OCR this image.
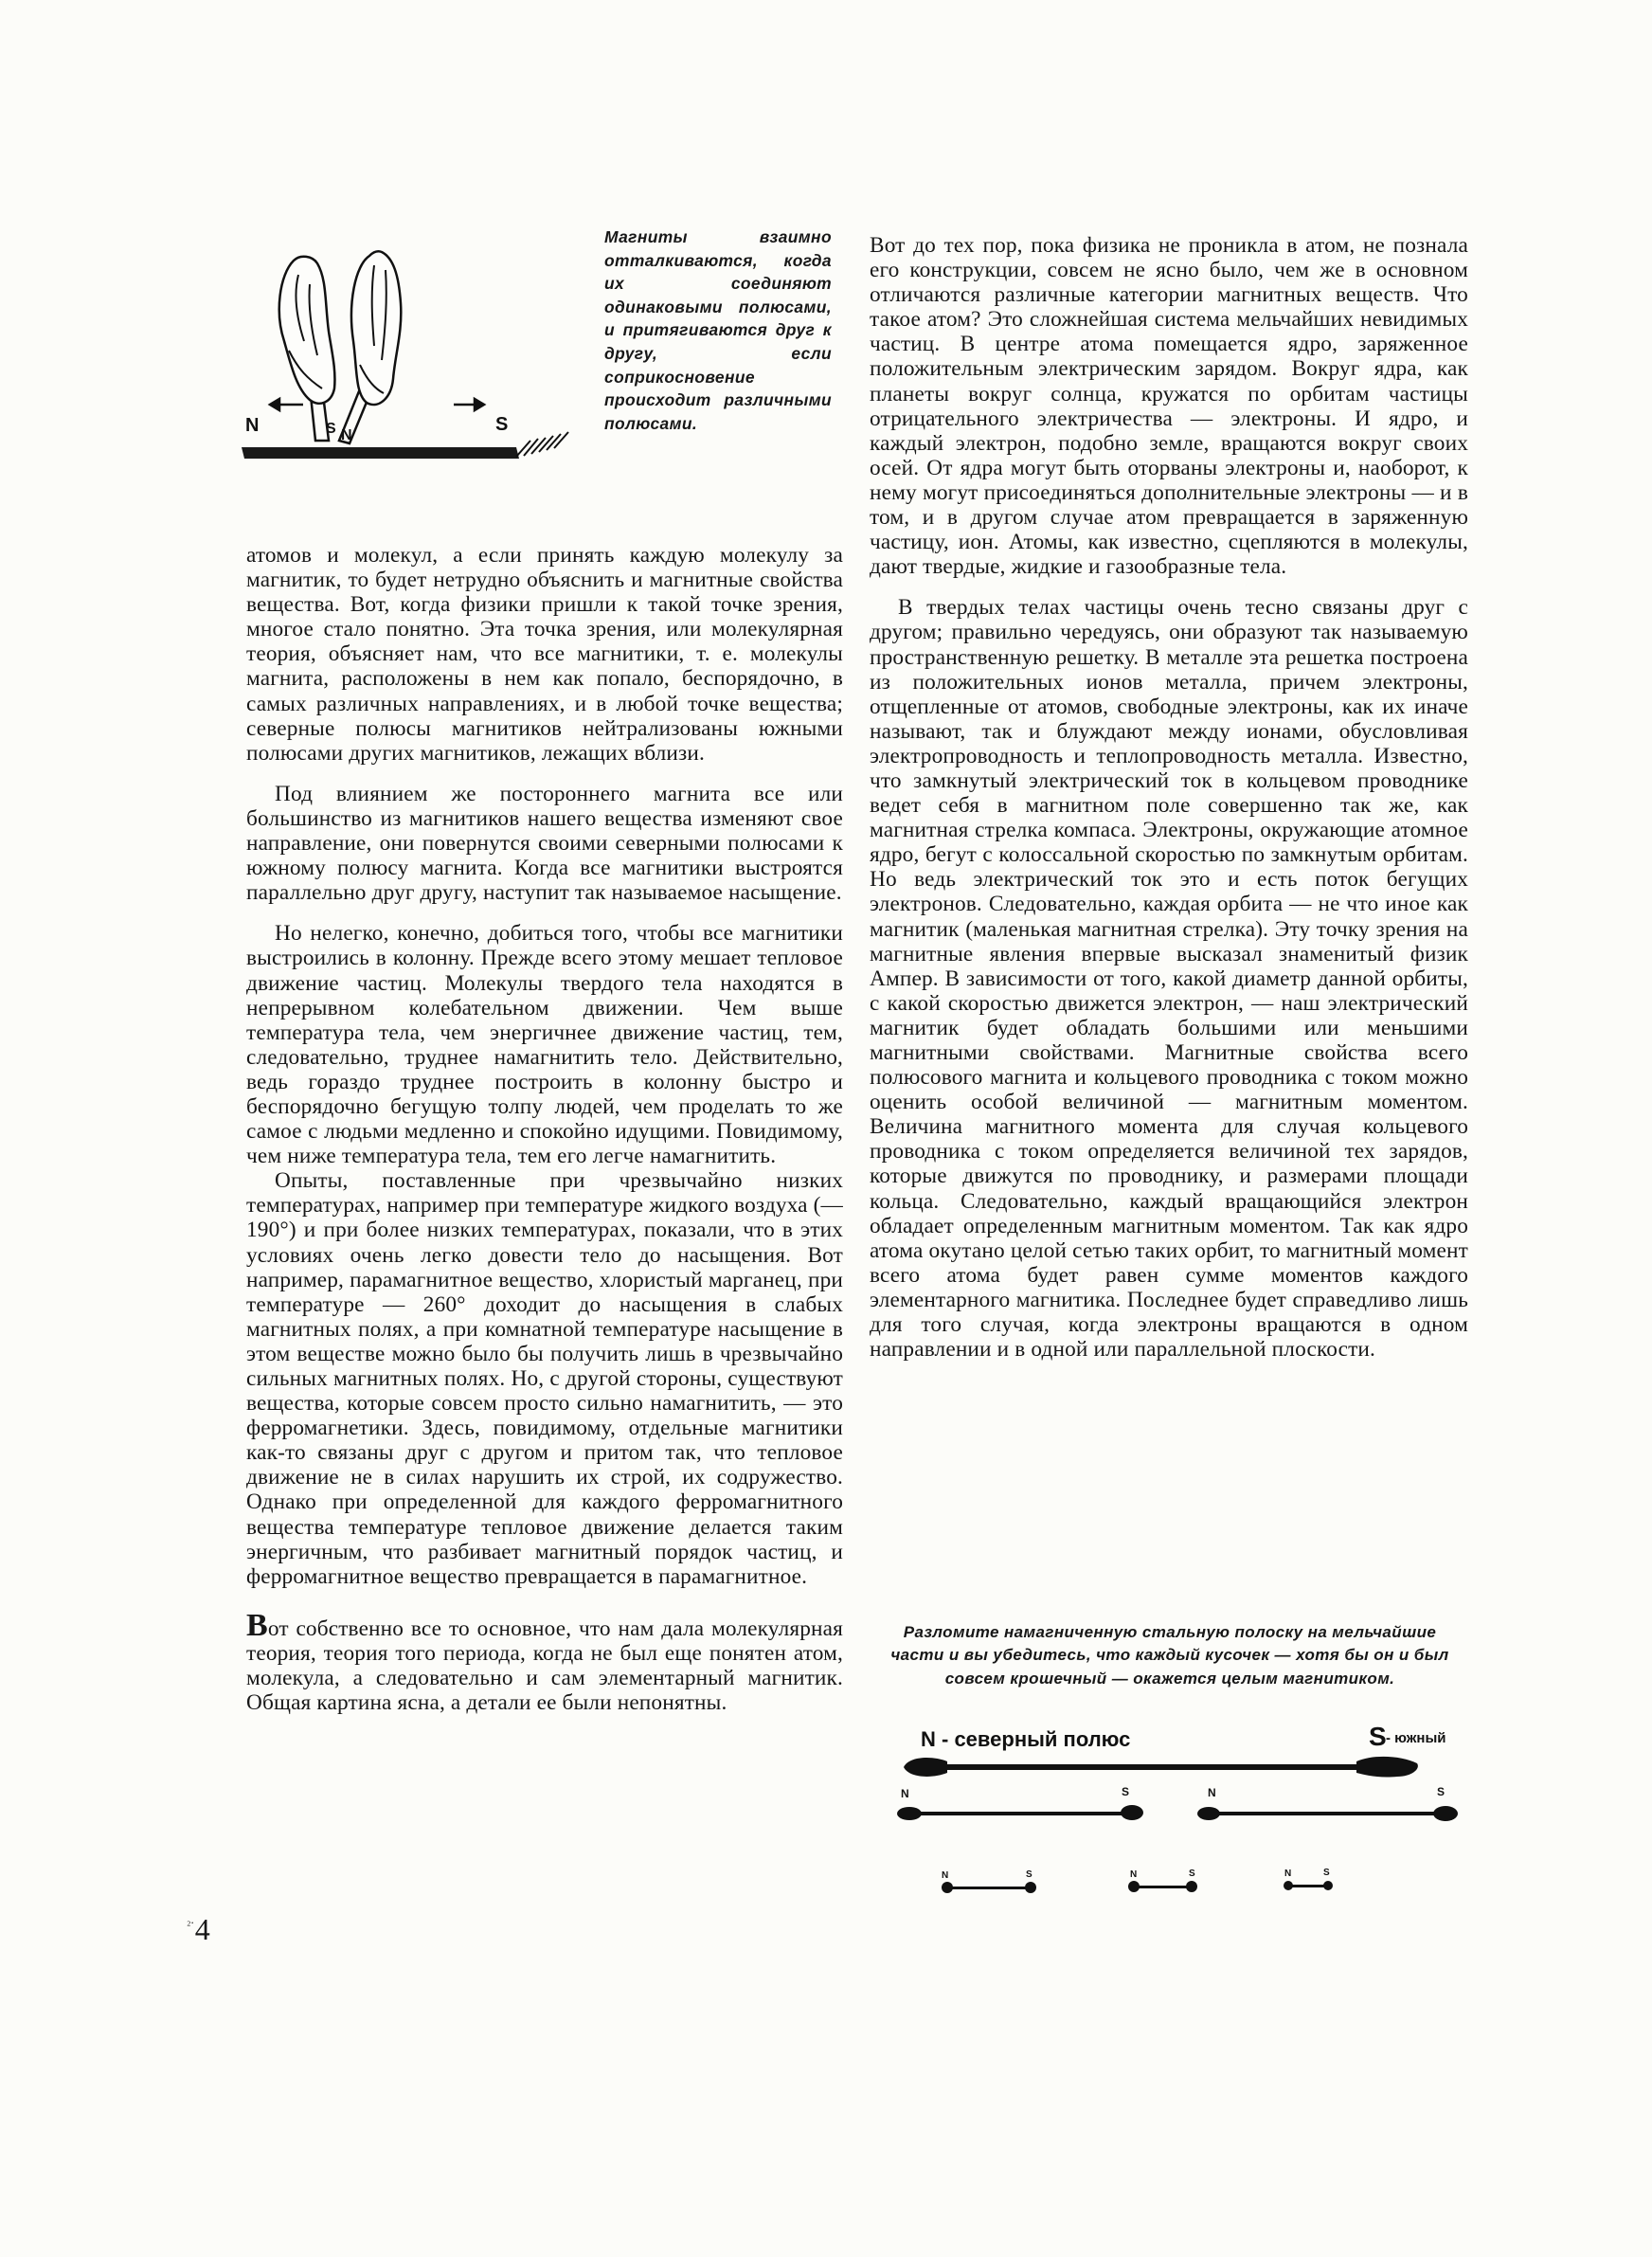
N	S
S N
Магниты взаимно отталкиваются, когда их соединяют одинаковыми полюсами, и притягиваются друг к другу, если соприкосновение происходит различными полюсами.

атомов и молекул, а если принять каждую молекулу за магнитик, то будет нетрудно объяснить и магнитные свойства вещества. Вот, когда физики пришли к такой точке зрения, многое стало понятно. Эта точка зрения, или молекулярная теория, объясняет нам, что все магнитики, т. е. молекулы магнита, расположены в нем как попало, беспорядочно, в самых различных направлениях, и в любой точке вещества; северные полюсы магнитиков нейтрализованы южными полюсами других магнитиков, лежащих вблизи.

Под влиянием же постороннего магнита все или большинство из магнитиков нашего вещества изменяют свое направление, они повернутся своими северными полюсами к южному полюсу магнита. Когда все магнитики выстроятся параллельно друг другу, наступит так называемое насыщение.

Но нелегко, конечно, добиться того, чтобы все магнитики выстроились в колонну. Прежде всего этому мешает тепловое движение частиц. Молекулы твердого тела находятся в непрерывном колебательном движении. Чем выше температура тела, чем энергичнее движение частиц, тем, следовательно, труднее намагнитить тело. Действительно, ведь гораздо труднее построить в колонну быстро и беспорядочно бегущую толпу людей, чем проделать то же самое с людьми медленно и спокойно идущими. Повидимому, чем ниже температура тела, тем его легче намагнитить.

Опыты, поставленные при чрезвычайно низких температурах, например при температуре жидкого воздуха (— 190°) и при более низких температурах, показали, что в этих условиях очень легко довести тело до насыщения. Вот например, парамагнитное вещество, хлористый марганец, при температуре — 260° доходит до насыщения в слабых магнитных полях, а при комнатной температуре насыщение в этом веществе можно было бы получить лишь в чрезвычайно сильных магнитных полях. Но, с другой стороны, существуют вещества, которые совсем просто сильно намагнитить, — это ферромагнетики. Здесь, повидимому, отдельные магнитики как-то связаны друг с другом и притом так, что тепловое движение не в силах нарушить их строй, их содружество. Однако при определенной для каждого ферромагнитного вещества температуре тепловое движение делается таким энергичным, что разбивает магнитный порядок частиц, и ферромагнитное вещество превращается в парамагнитное.

Вот собственно все то основное, что нам дала молекулярная теория, теория того периода, когда не был еще понятен атом, молекула, а следовательно и сам элементарный магнитик. Общая картина ясна, а детали ее были непонятны.

$^{_2.}$4

Вот до тех пор, пока физика не проникла в атом, не познала его конструкции, совсем не ясно было, чем же в основном отличаются различные категории магнитных веществ. Что такое атом? Это сложнейшая система мельчайших невидимых частиц. В центре атома помещается ядро, заряженное положительным электрическим зарядом. Вокруг ядра, как планеты вокруг солнца, кружатся по орбитам частицы отрицательного электричества — электроны. И ядро, и каждый электрон, подобно земле, вращаются вокруг своих осей. От ядра могут быть оторваны электроны и, наоборот, к нему могут присоединяться дополнительные электроны — и в том, и в другом случае атом превращается в заряженную частицу, ион. Атомы, как известно, сцепляются в молекулы, дают твердые, жидкие и газообразные тела.

В твердых телах частицы очень тесно связаны друг с другом; правильно чередуясь, они образуют так называемую пространственную решетку. В металле эта решетка построена из положительных ионов металла, причем электроны, отщепленные от атомов, свободные электроны, как их иначе называют, так и блуждают между ионами, обусловливая электропроводность и теплопроводность металла. Известно, что замкнутый электрический ток в кольцевом проводнике ведет себя в магнитном поле совершенно так же, как магнитная стрелка компаса. Электроны, окружающие атомное ядро, бегут с колоссальной скоростью по замкнутым орбитам. Но ведь электрический ток это и есть поток бегущих электронов. Следовательно, каждая орбита — не что иное как магнитик (маленькая магнитная стрелка). Эту точку зрения на магнитные явления впервые высказал знаменитый физик Ампер. В зависимости от того, какой диаметр данной орбиты, с какой скоростью движется электрон, — наш электрический магнитик будет обладать большими или меньшими магнитными свойствами. Магнитные свойства всего полюсового магнита и кольцевого проводника с током можно оценить особой величиной — магнитным моментом. Величина магнитного момента для случая кольцевого проводника с током определяется величиной тех зарядов, которые движутся по проводнику, и размерами площади кольца. Следовательно, каждый вращающийся электрон обладает определенным магнитным моментом. Так как ядро атома окутано целой сетью таких орбит, то магнитный момент всего атома будет равен сумме моментов каждого элементарного магнитика. Последнее будет справедливо лишь для того случая, когда электроны вращаются в одном направлении и в одной или параллельной плоскости.

Разломите намагниченную стальную полоску на мельчайшие части и вы убедитесь, что каждый кусочек — хотя бы он и был совсем крошечный — окажется целым магнитиком.
N - северный полюс	S - южный
N	S	N	S
N	S	N	S	N	S
